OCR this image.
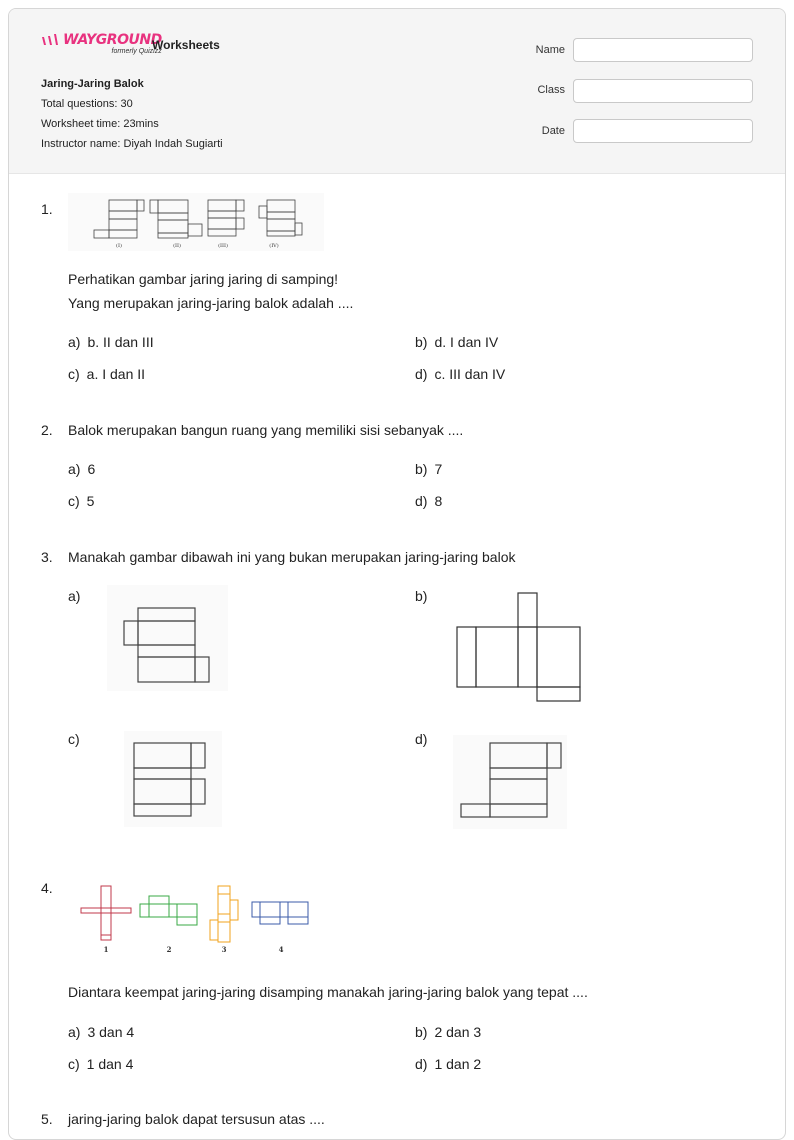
WAYGROUND
formerly Quizizz
Worksheets
Jaring-Jaring Balok
Total questions: 30
Worksheet time: 23mins
Instructor name: Diyah Indah Sugiarti
Name
Class
Date
1.
(I)	(II)	(III)	(IV)
Perhatikan gambar jaring jaring di samping!
Yang merupakan jaring-jaring balok adalah ....
a) b. II dan III	b) d. I dan IV
c) a. I dan II	d) c. III dan IV
2. Balok merupakan bangun ruang yang memiliki sisi sebanyak ....
a) 6	b) 7
c) 5	d) 8
3. Manakah gambar dibawah ini yang bukan merupakan jaring-jaring balok
a)	b)
c)	d)
4.
1	2	3	4
Diantara keempat jaring-jaring disamping manakah jaring-jaring balok yang tepat ....
a) 3 dan 4	b) 2 dan 3
c) 1 dan 4	d) 1 dan 2
5. jaring-jaring balok dapat tersusun atas ....
